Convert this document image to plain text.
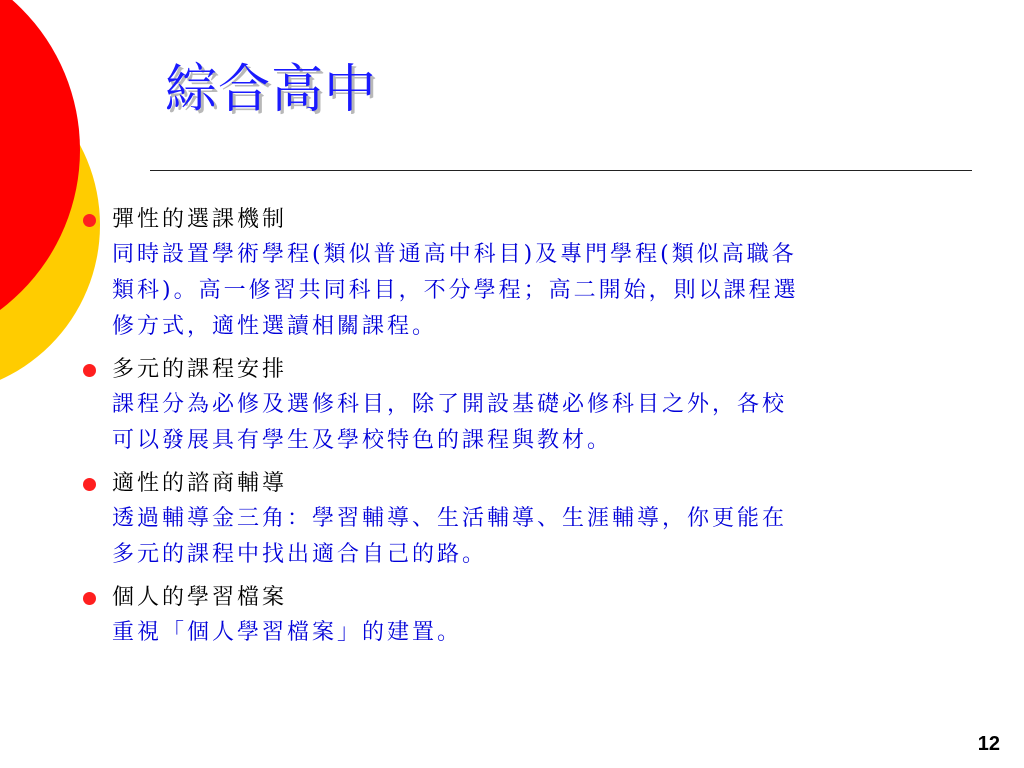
綜合高中
彈性的選課機制
同時設置學術學程(類似普通高中科目)及專門學程(類似高職各
類科)。高一修習共同科目，不分學程；高二開始，則以課程選
修方式，適性選讀相關課程。
多元的課程安排
課程分為必修及選修科目，除了開設基礎必修科目之外，各校
可以發展具有學生及學校特色的課程與教材。
適性的諮商輔導
透過輔導金三角：學習輔導、生活輔導、生涯輔導，你更能在
多元的課程中找出適合自己的路。
個人的學習檔案
重視「個人學習檔案」的建置。
12
